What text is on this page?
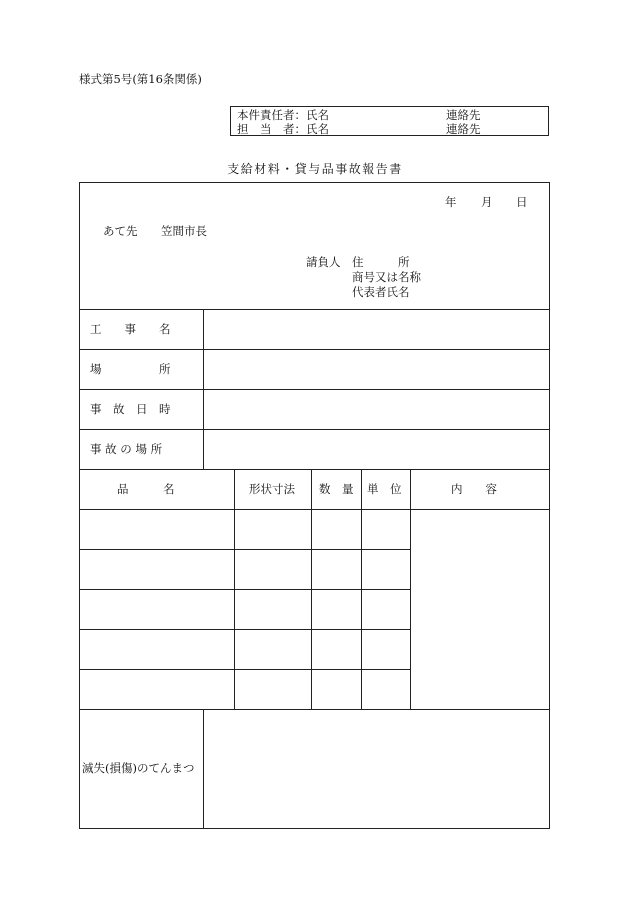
様式第5号(第16条関係)
本件責任者：氏名	連絡先
担　当　者：氏名	連絡先
支給材料・貸与品事故報告書
年 月 日
あて先 笠間市長
請負人 住　　　所
商号又は名称
代表者氏名
工　　事　　名
場　　　　　所
事　故　日　時
事 故 の 場 所
品　　　名	形状寸法 数　量 単　位	内　　容
滅失(損傷)のてんまつ
